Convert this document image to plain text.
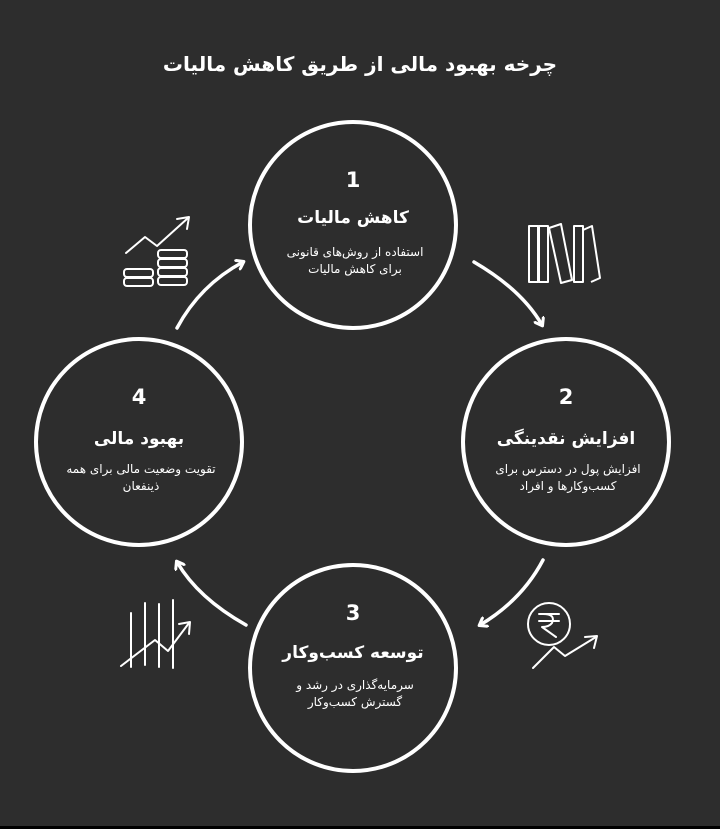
چرخه بهبود مالی از طریق کاهش مالیات
1
کاهش مالیات
استفاده از روش‌های قانونی برای کاهش مالیات
2
افزایش نقدینگی
افزایش پول در دسترس برای کسب‌وکارها و افراد
3
توسعه کسب‌وکار
سرمایه‌گذاری در رشد و گسترش کسب‌وکار
4
بهبود مالی
تقویت وضعیت مالی برای همه ذینفعان
